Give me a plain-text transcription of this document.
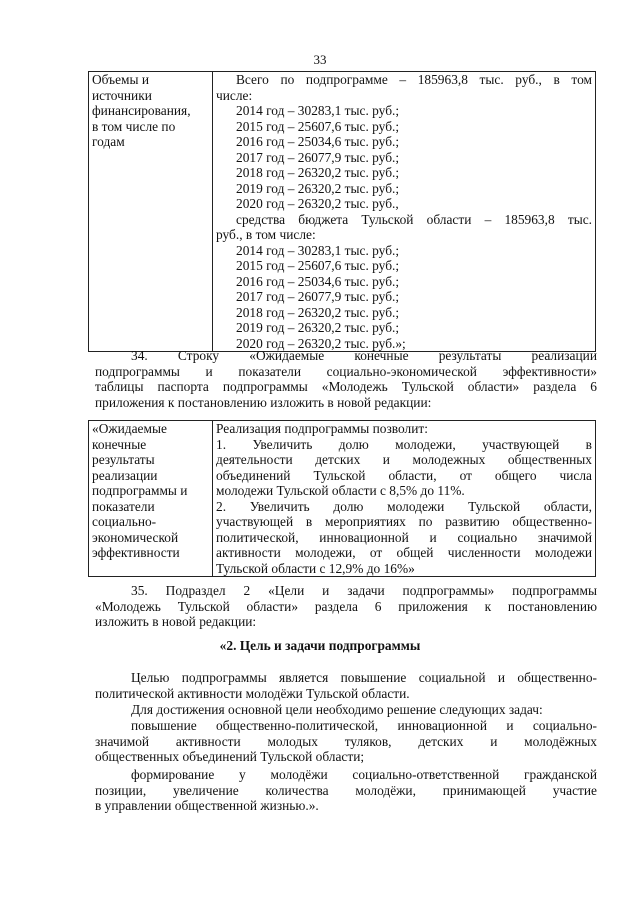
33
Объемы и
источники
финансирования,
в том числе по
годам

Всего по подпрограмме – 185963,8 тыс. руб., в том
числе:
2014 год – 30283,1 тыс. руб.;
2015 год – 25607,6 тыс. руб.;
2016 год – 25034,6 тыс. руб.;
2017 год – 26077,9 тыс. руб.;
2018 год – 26320,2 тыс. руб.;
2019 год – 26320,2 тыс. руб.;
2020 год – 26320,2 тыс. руб.,
средства бюджета Тульской области – 185963,8 тыс.
руб., в том числе:
2014 год – 30283,1 тыс. руб.;
2015 год – 25607,6 тыс. руб.;
2016 год – 25034,6 тыс. руб.;
2017 год – 26077,9 тыс. руб.;
2018 год – 26320,2 тыс. руб.;
2019 год – 26320,2 тыс. руб.;
2020 год – 26320,2 тыс. руб.»;
34. Строку «Ожидаемые конечные результаты реализации
подпрограммы и показатели социально-экономической эффективности»
таблицы паспорта подпрограммы «Молодежь Тульской области» раздела 6
приложения к постановлению изложить в новой редакции:
«Ожидаемые
конечные
результаты
реализации
подпрограммы и
показатели
социально-
экономической
эффективности

Реализация подпрограммы позволит:
1. Увеличить долю молодежи, участвующей в
деятельности детских и молодежных общественных
объединений Тульской области, от общего числа
молодежи Тульской области с 8,5% до 11%.
2. Увеличить долю молодежи Тульской области,
участвующей в мероприятиях по развитию общественно-
политической, инновационной и социально значимой
активности молодежи, от общей численности молодежи
Тульской области с 12,9% до 16%»
35. Подраздел 2 «Цели и задачи подпрограммы» подпрограммы
«Молодежь Тульской области» раздела 6 приложения к постановлению
изложить в новой редакции:
«2. Цель и задачи подпрограммы
Целью подпрограммы является повышение социальной и общественно-
политической активности молодёжи Тульской области.
Для достижения основной цели необходимо решение следующих задач:
повышение общественно-политической, инновационной и социально-
значимой активности молодых туляков, детских и молодёжных
общественных объединений Тульской области;
формирование у молодёжи социально-ответственной гражданской
позиции, увеличение количества молодёжи, принимающей участие
в управлении общественной жизнью.».
